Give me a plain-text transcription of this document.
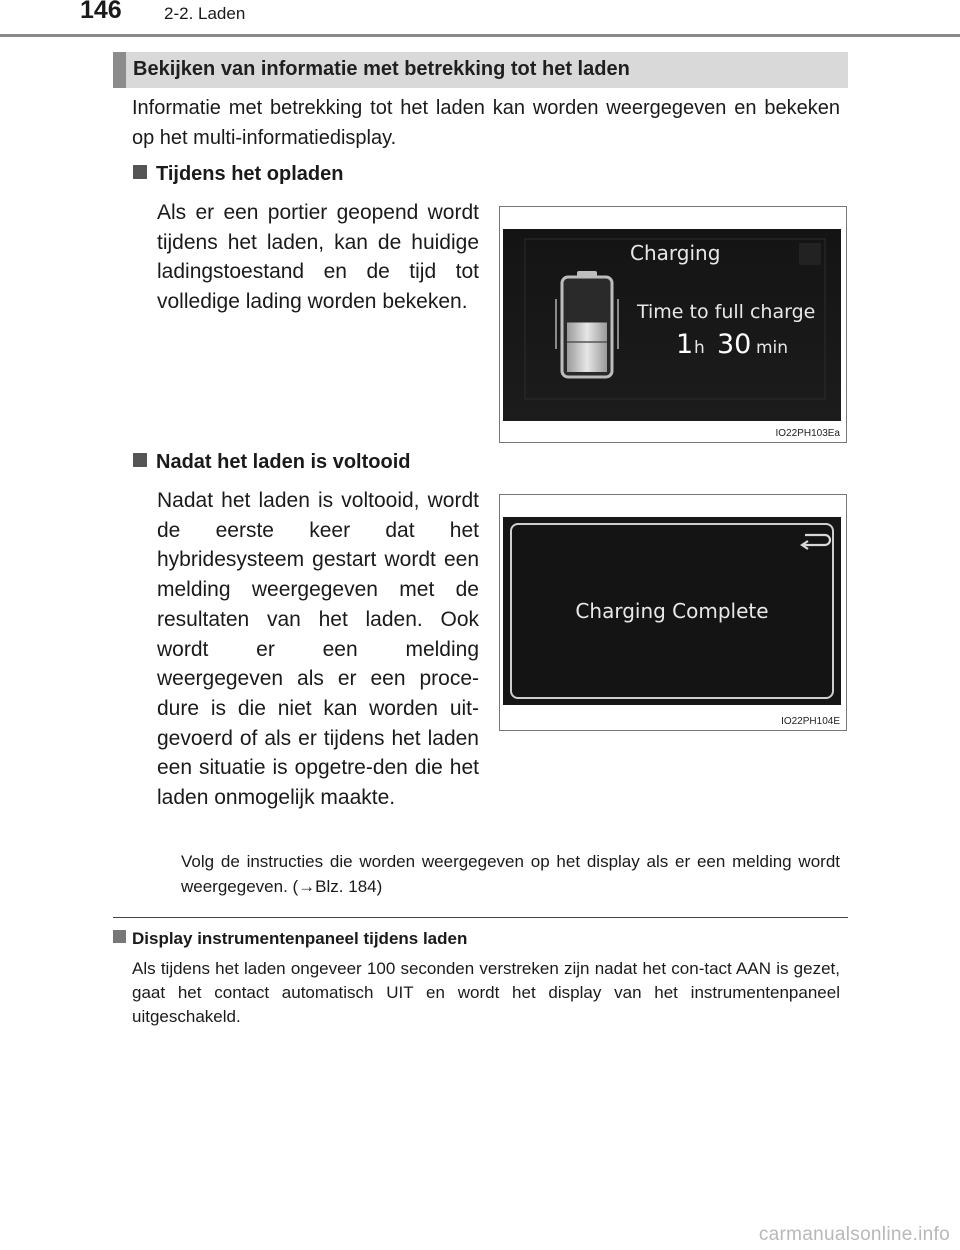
146 2-2. Laden
Bekijken van informatie met betrekking tot het laden
Informatie met betrekking tot het laden kan worden weergegeven en bekeken op het multi-informatiedisplay.
Tijdens het opladen
Als er een portier geopend wordt tijdens het laden, kan de huidige ladingstoestand en de tijd tot volledige lading worden bekeken.
Charging
Time to full charge
1 h 30 min
IO22PH103Ea
Nadat het laden is voltooid
Nadat het laden is voltooid, wordt de eerste keer dat het hybridesysteem gestart wordt een melding weergegeven met de resultaten van het laden. Ook wordt er een melding weergegeven als er een proce-dure is die niet kan worden uit-gevoerd of als er tijdens het laden een situatie is opgetre-den die het laden onmogelijk maakte.
Charging Complete
IO22PH104E
Volg de instructies die worden weergegeven op het display als er een melding wordt weergegeven. (→Blz. 184)
Display instrumentenpaneel tijdens laden
Als tijdens het laden ongeveer 100 seconden verstreken zijn nadat het con-tact AAN is gezet, gaat het contact automatisch UIT en wordt het display van het instrumentenpaneel uitgeschakeld.
carmanualsonline.info
